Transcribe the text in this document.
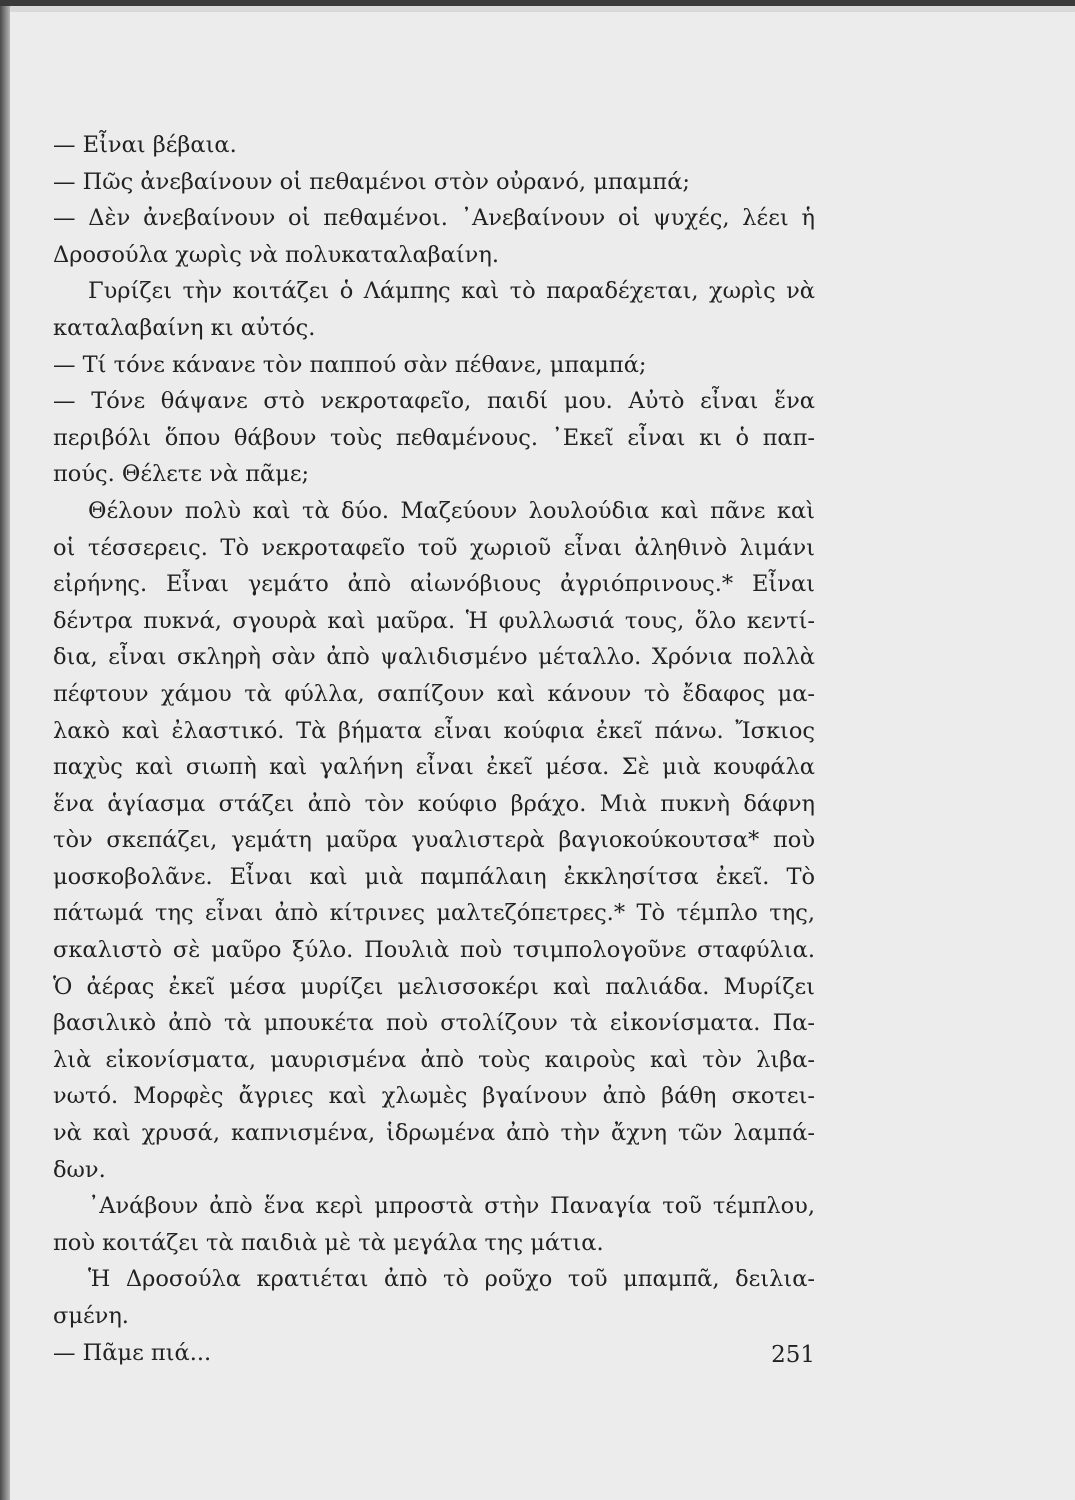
— Εἶναι βέβαια.
— Πῶς ἀνεβαίνουν οἱ πεθαμένοι στὸν οὐρανό, μπαμπά;
— Δὲν ἀνεβαίνουν οἱ πεθαμένοι. ᾿Ανεβαίνουν οἱ ψυχές, λέει ἡ
Δροσούλα χωρὶς νὰ πολυκαταλαβαίνη.
Γυρίζει τὴν κοιτάζει ὁ Λάμπης καὶ τὸ παραδέχεται, χωρὶς νὰ
καταλαβαίνη κι αὐτός.
— Τί τόνε κάνανε τὸν παππού σὰν πέθανε, μπαμπά;
— Τόνε θάψανε στὸ νεκροταφεῖο, παιδί μου. Αὐτὸ εἶναι ἕνα
περιβόλι ὅπου θάβουν τοὺς πεθαμένους. ᾿Εκεῖ εἶναι κι ὁ παπ-
πούς. Θέλετε νὰ πᾶμε;
Θέλουν πολὺ καὶ τὰ δύο. Μαζεύουν λουλούδια καὶ πᾶνε καὶ
οἱ τέσσερεις. Τὸ νεκροταφεῖο τοῦ χωριοῦ εἶναι ἀληθινὸ λιμάνι
εἰρήνης. Εἶναι γεμάτο ἀπὸ αἰωνόβιους ἀγριόπρινους.* Εἶναι
δέντρα πυκνά, σγουρὰ καὶ μαῦρα. Ἡ φυλλωσιά τους, ὅλο κεντί-
δια, εἶναι σκληρὴ σὰν ἀπὸ ψαλιδισμένο μέταλλο. Χρόνια πολλὰ
πέφτουν χάμου τὰ φύλλα, σαπίζουν καὶ κάνουν τὸ ἔδαφος μα-
λακὸ καὶ ἐλαστικό. Τὰ βήματα εἶναι κούφια ἐκεῖ πάνω. Ἴσκιος
παχὺς καὶ σιωπὴ καὶ γαλήνη εἶναι ἐκεῖ μέσα. Σὲ μιὰ κουφάλα
ἕνα ἁγίασμα στάζει ἀπὸ τὸν κούφιο βράχο. Μιὰ πυκνὴ δάφνη
τὸν σκεπάζει, γεμάτη μαῦρα γυαλιστερὰ βαγιοκούκουτσα* ποὺ
μοσκοβολᾶνε. Εἶναι καὶ μιὰ παμπάλαιη ἐκκλησίτσα ἐκεῖ. Τὸ
πάτωμά της εἶναι ἀπὸ κίτρινες μαλτεζόπετρες.* Τὸ τέμπλο της,
σκαλιστὸ σὲ μαῦρο ξύλο. Πουλιὰ ποὺ τσιμπολογοῦνε σταφύλια.
Ὁ ἀέρας ἐκεῖ μέσα μυρίζει μελισσοκέρι καὶ παλιάδα. Μυρίζει
βασιλικὸ ἀπὸ τὰ μπουκέτα ποὺ στολίζουν τὰ εἰκονίσματα. Πα-
λιὰ εἰκονίσματα, μαυρισμένα ἀπὸ τοὺς καιροὺς καὶ τὸν λιβα-
νωτό. Μορφὲς ἄγριες καὶ χλωμὲς βγαίνουν ἀπὸ βάθη σκοτει-
νὰ καὶ χρυσά, καπνισμένα, ἱδρωμένα ἀπὸ τὴν ἄχνη τῶν λαμπά-
δων.
᾿Ανάβουν ἀπὸ ἕνα κερὶ μπροστὰ στὴν Παναγία τοῦ τέμπλου,
ποὺ κοιτάζει τὰ παιδιὰ μὲ τὰ μεγάλα της μάτια.
Ἡ Δροσούλα κρατιέται ἀπὸ τὸ ροῦχο τοῦ μπαμπᾶ, δειλια-
σμένη.
— Πᾶμε πιά...	251
